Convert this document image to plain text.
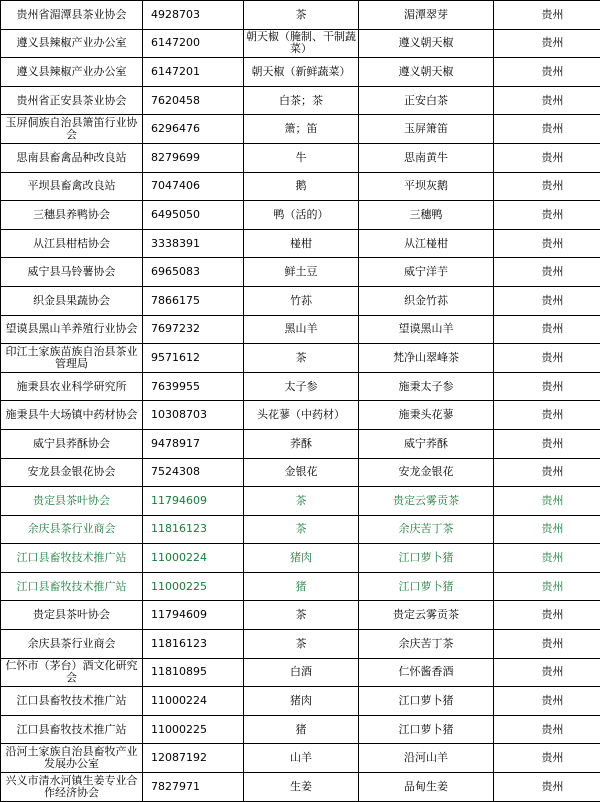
贵州省湄潭县茶业协会	4928703	茶	湄潭翠芽	贵州
遵义县辣椒产业办公室	6147200	朝天椒（腌制、干制蔬菜）	遵义朝天椒	贵州
遵义县辣椒产业办公室	6147201	朝天椒（新鲜蔬菜）	遵义朝天椒	贵州
贵州省正安县茶业协会	7620458	白茶；茶	正安白茶	贵州
玉屏侗族自治县箫笛行业协会	6296476	箫；笛	玉屏箫笛	贵州
思南县畜禽品种改良站	8279699	牛	思南黄牛	贵州
平坝县畜禽改良站	7047406	鹅	平坝灰鹅	贵州
三穗县养鸭协会	6495050	鸭（活的）	三穗鸭	贵州
从江县柑桔协会	3338391	椪柑	从江椪柑	贵州
威宁县马铃薯协会	6965083	鲜土豆	威宁洋芋	贵州
织金县果蔬协会	7866175	竹荪	织金竹荪	贵州
望谟县黑山羊养殖行业协会	7697232	黑山羊	望谟黑山羊	贵州
印江土家族苗族自治县茶业管理局	9571612	茶	梵净山翠峰茶	贵州
施秉县农业科学研究所	7639955	太子参	施秉太子参	贵州
施秉县牛大场镇中药材协会	10308703	头花蓼（中药材）	施秉头花蓼	贵州
威宁县荞酥协会	9478917	荞酥	威宁荞酥	贵州
安龙县金银花协会	7524308	金银花	安龙金银花	贵州
贵定县茶叶协会	11794609	茶	贵定云雾贡茶	贵州
余庆县茶行业商会	11816123	茶	余庆苦丁茶	贵州
江口县畜牧技术推广站	11000224	猪肉	江口萝卜猪	贵州
江口县畜牧技术推广站	11000225	猪	江口萝卜猪	贵州
贵定县茶叶协会	11794609	茶	贵定云雾贡茶	贵州
余庆县茶行业商会	11816123	茶	余庆苦丁茶	贵州
仁怀市（茅台）酒文化研究会	11810895	白酒	仁怀酱香酒	贵州
江口县畜牧技术推广站	11000224	猪肉	江口萝卜猪	贵州
江口县畜牧技术推广站	11000225	猪	江口萝卜猪	贵州
沿河土家族自治县畜牧产业发展办公室	12087192	山羊	沿河山羊	贵州
兴义市清水河镇生姜专业合作经济协会	7827971	生姜	品甸生姜	贵州
